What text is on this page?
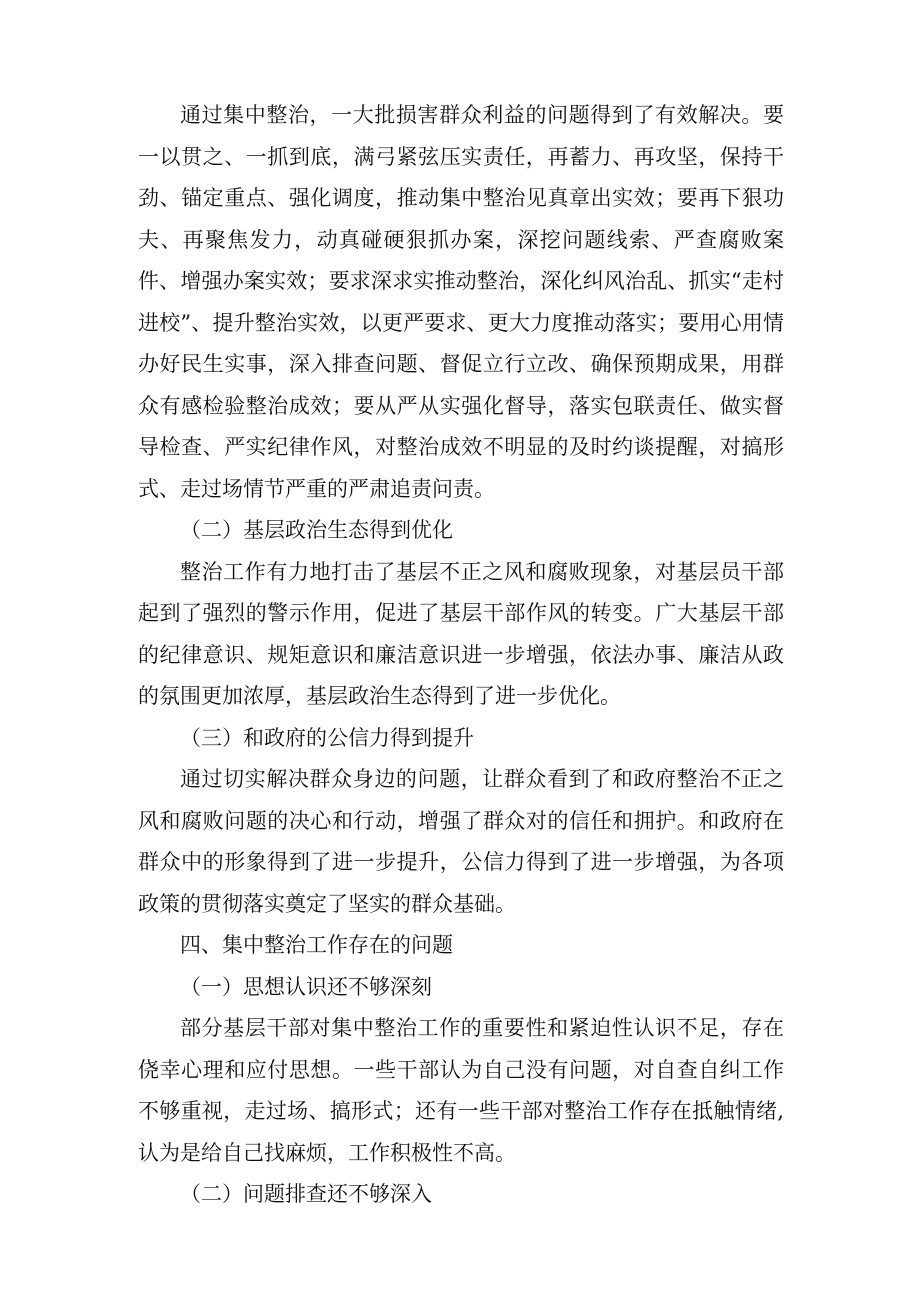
通过集中整治，一大批损害群众利益的问题得到了有效解决。要一以贯之、一抓到底，满弓紧弦压实责任，再蓄力、再攻坚，保持干劲、锚定重点、强化调度，推动集中整治见真章出实效；要再下狠功夫、再聚焦发力，动真碰硬狠抓办案，深挖问题线索、严查腐败案件、增强办案实效；要求深求实推动整治，深化纠风治乱、抓实“走村进校”、提升整治实效，以更严要求、更大力度推动落实；要用心用情办好民生实事，深入排查问题、督促立行立改、确保预期成果，用群众有感检验整治成效；要从严从实强化督导，落实包联责任、做实督导检查、严实纪律作风，对整治成效不明显的及时约谈提醒，对搞形式、走过场情节严重的严肃追责问责。

（二）基层政治生态得到优化

整治工作有力地打击了基层不正之风和腐败现象，对基层员干部起到了强烈的警示作用，促进了基层干部作风的转变。广大基层干部的纪律意识、规矩意识和廉洁意识进一步增强，依法办事、廉洁从政的氛围更加浓厚，基层政治生态得到了进一步优化。

（三）和政府的公信力得到提升

通过切实解决群众身边的问题，让群众看到了和政府整治不正之风和腐败问题的决心和行动，增强了群众对的信任和拥护。和政府在群众中的形象得到了进一步提升，公信力得到了进一步增强，为各项政策的贯彻落实奠定了坚实的群众基础。

四、集中整治工作存在的问题

（一）思想认识还不够深刻

部分基层干部对集中整治工作的重要性和紧迫性认识不足，存在侥幸心理和应付思想。一些干部认为自己没有问题，对自查自纠工作不够重视，走过场、搞形式；还有一些干部对整治工作存在抵触情绪,认为是给自己找麻烦，工作积极性不高。

（二）问题排查还不够深入
